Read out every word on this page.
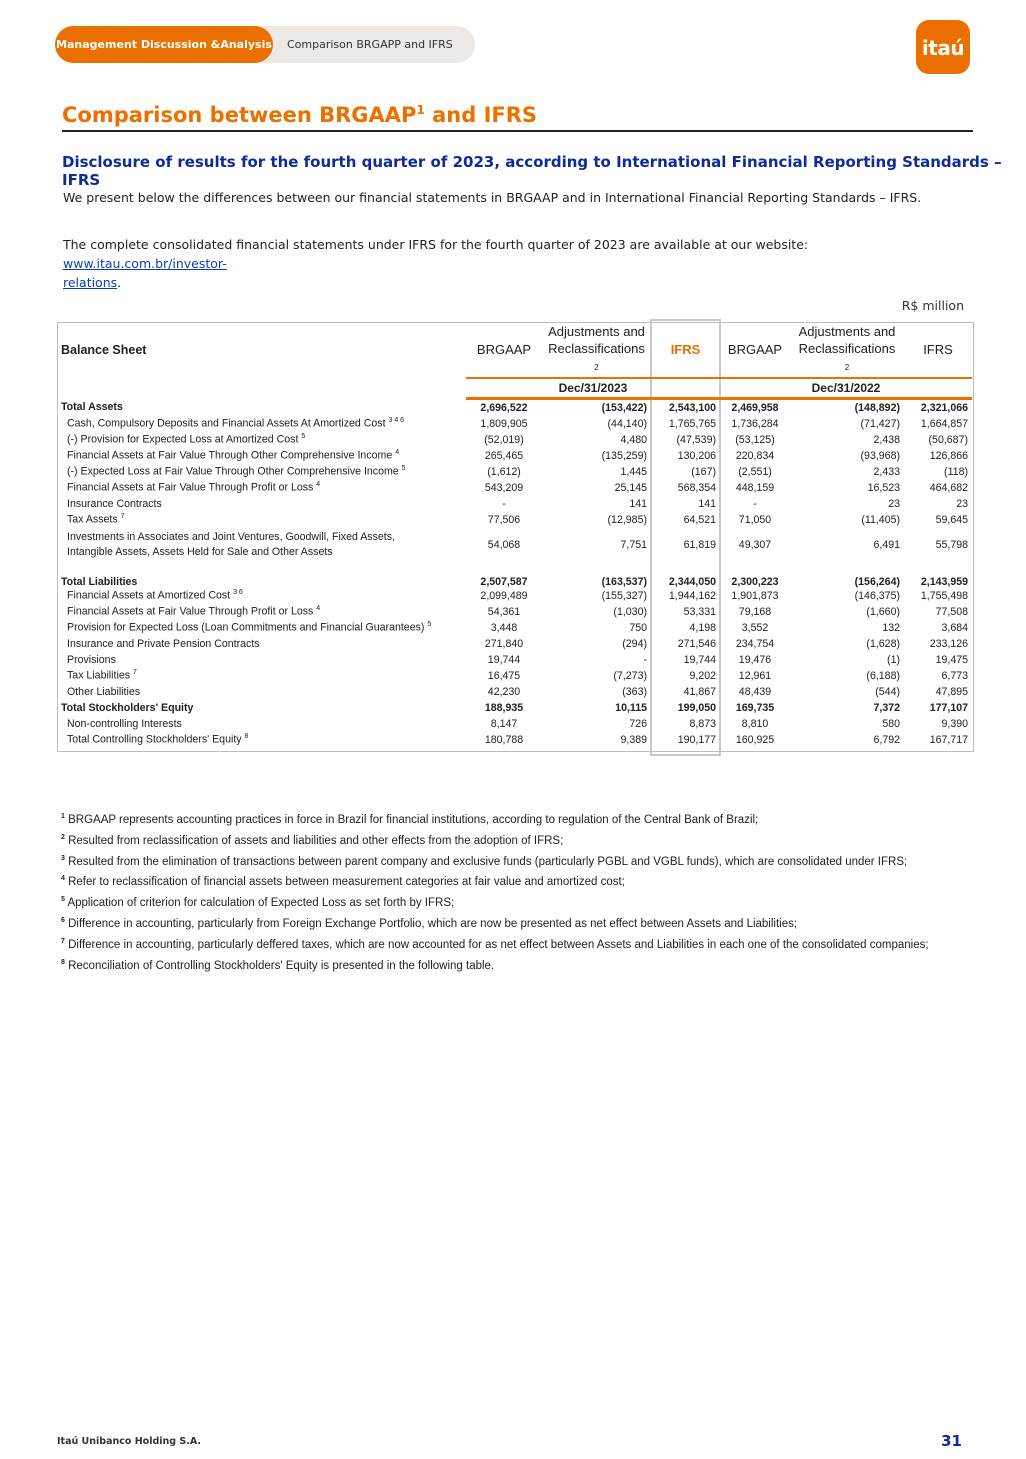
Management Discussion &Analysis Comparison BRGAPP and IFRS	itaú
Comparison between BRGAAP$^1$ and IFRS
Disclosure of results for the fourth quarter of 2023, according to International Financial Reporting Standards – IFRS
We present below the differences between our financial statements in BRGAAP and in International Financial Reporting Standards – IFRS.
The complete consolidated financial statements under IFRS for the fourth quarter of 2023 are available at our website: www.itau.com.br/investor-
relations.
R$ million
Balance Sheet	BRGAAP	Adjustments and
Reclassifications
2	IFRS	BRGAAP	Adjustments and
Reclassifications
2	IFRS
	Dec/31/2023			Dec/31/2022		
Total Assets	2,696,522	(153,422)	2,543,100	2,469,958	(148,892)	2,321,066
Cash, Compulsory Deposits and Financial Assets At Amortized Cost $^{3 4 6}$	1,809,905	(44,140)	1,765,765	1,736,284	(71,427)	1,664,857
(-) Provision for Expected Loss at Amortized Cost $^5$	(52,019)	4,480	(47,539)	(53,125)	2,438	(50,687)
Financial Assets at Fair Value Through Other Comprehensive Income $^4$	265,465	(135,259)	130,206	220,834	(93,968)	126,866
(-) Expected Loss at Fair Value Through Other Comprehensive Income $^5$	(1,612)	1,445	(167)	(2,551)	2,433	(118)
Financial Assets at Fair Value Through Profit or Loss $^4$	543,209	25,145	568,354	448,159	16,523	464,682
Insurance Contracts	-	141	141	-	23	23
Tax Assets $^7$	77,506	(12,985)	64,521	71,050	(11,405)	59,645
Investments in Associates and Joint Ventures, Goodwill, Fixed Assets,
Intangible Assets, Assets Held for Sale and Other Assets	54,068	7,751	61,819	49,307	6,491	55,798
Total Liabilities	2,507,587	(163,537)	2,344,050	2,300,223	(156,264)	2,143,959
Financial Assets at Amortized Cost $^{3 6}$	2,099,489	(155,327)	1,944,162	1,901,873	(146,375)	1,755,498
Financial Assets at Fair Value Through Profit or Loss $^4$	54,361	(1,030)	53,331	79,168	(1,660)	77,508
Provision for Expected Loss (Loan Commitments and Financial Guarantees) $^5$	3,448	750	4,198	3,552	132	3,684
Insurance and Private Pension Contracts	271,840	(294)	271,546	234,754	(1,628)	233,126
Provisions	19,744	-	19,744	19,476	(1)	19,475
Tax Liabilities $^7$	16,475	(7,273)	9,202	12,961	(6,188)	6,773
Other Liabilities	42,230	(363)	41,867	48,439	(544)	47,895
Total Stockholders' Equity	188,935	10,115	199,050	169,735	7,372	177,107
Non-controlling Interests	8,147	726	8,873	8,810	580	9,390
Total Controlling Stockholders' Equity $^8$	180,788	9,389	190,177	160,925	6,792	167,717
$^1$ BRGAAP represents accounting practices in force in Brazil for financial institutions, according to regulation of the Central Bank of Brazil;
$^2$ Resulted from reclassification of assets and liabilities and other effects from the adoption of IFRS;
$^3$ Resulted from the elimination of transactions between parent company and exclusive funds (particularly PGBL and VGBL funds), which are consolidated under IFRS;
$^4$ Refer to reclassification of financial assets between measurement categories at fair value and amortized cost;
$^5$ Application of criterion for calculation of Expected Loss as set forth by IFRS;
$^6$ Difference in accounting, particularly from Foreign Exchange Portfolio, which are now be presented as net effect between Assets and Liabilities;
$^7$ Difference in accounting, particularly deffered taxes, which are now accounted for as net effect between Assets and Liabilities in each one of the consolidated companies;
$^8$ Reconciliation of Controlling Stockholders' Equity is presented in the following table.
Itaú Unibanco Holding S.A.	31
